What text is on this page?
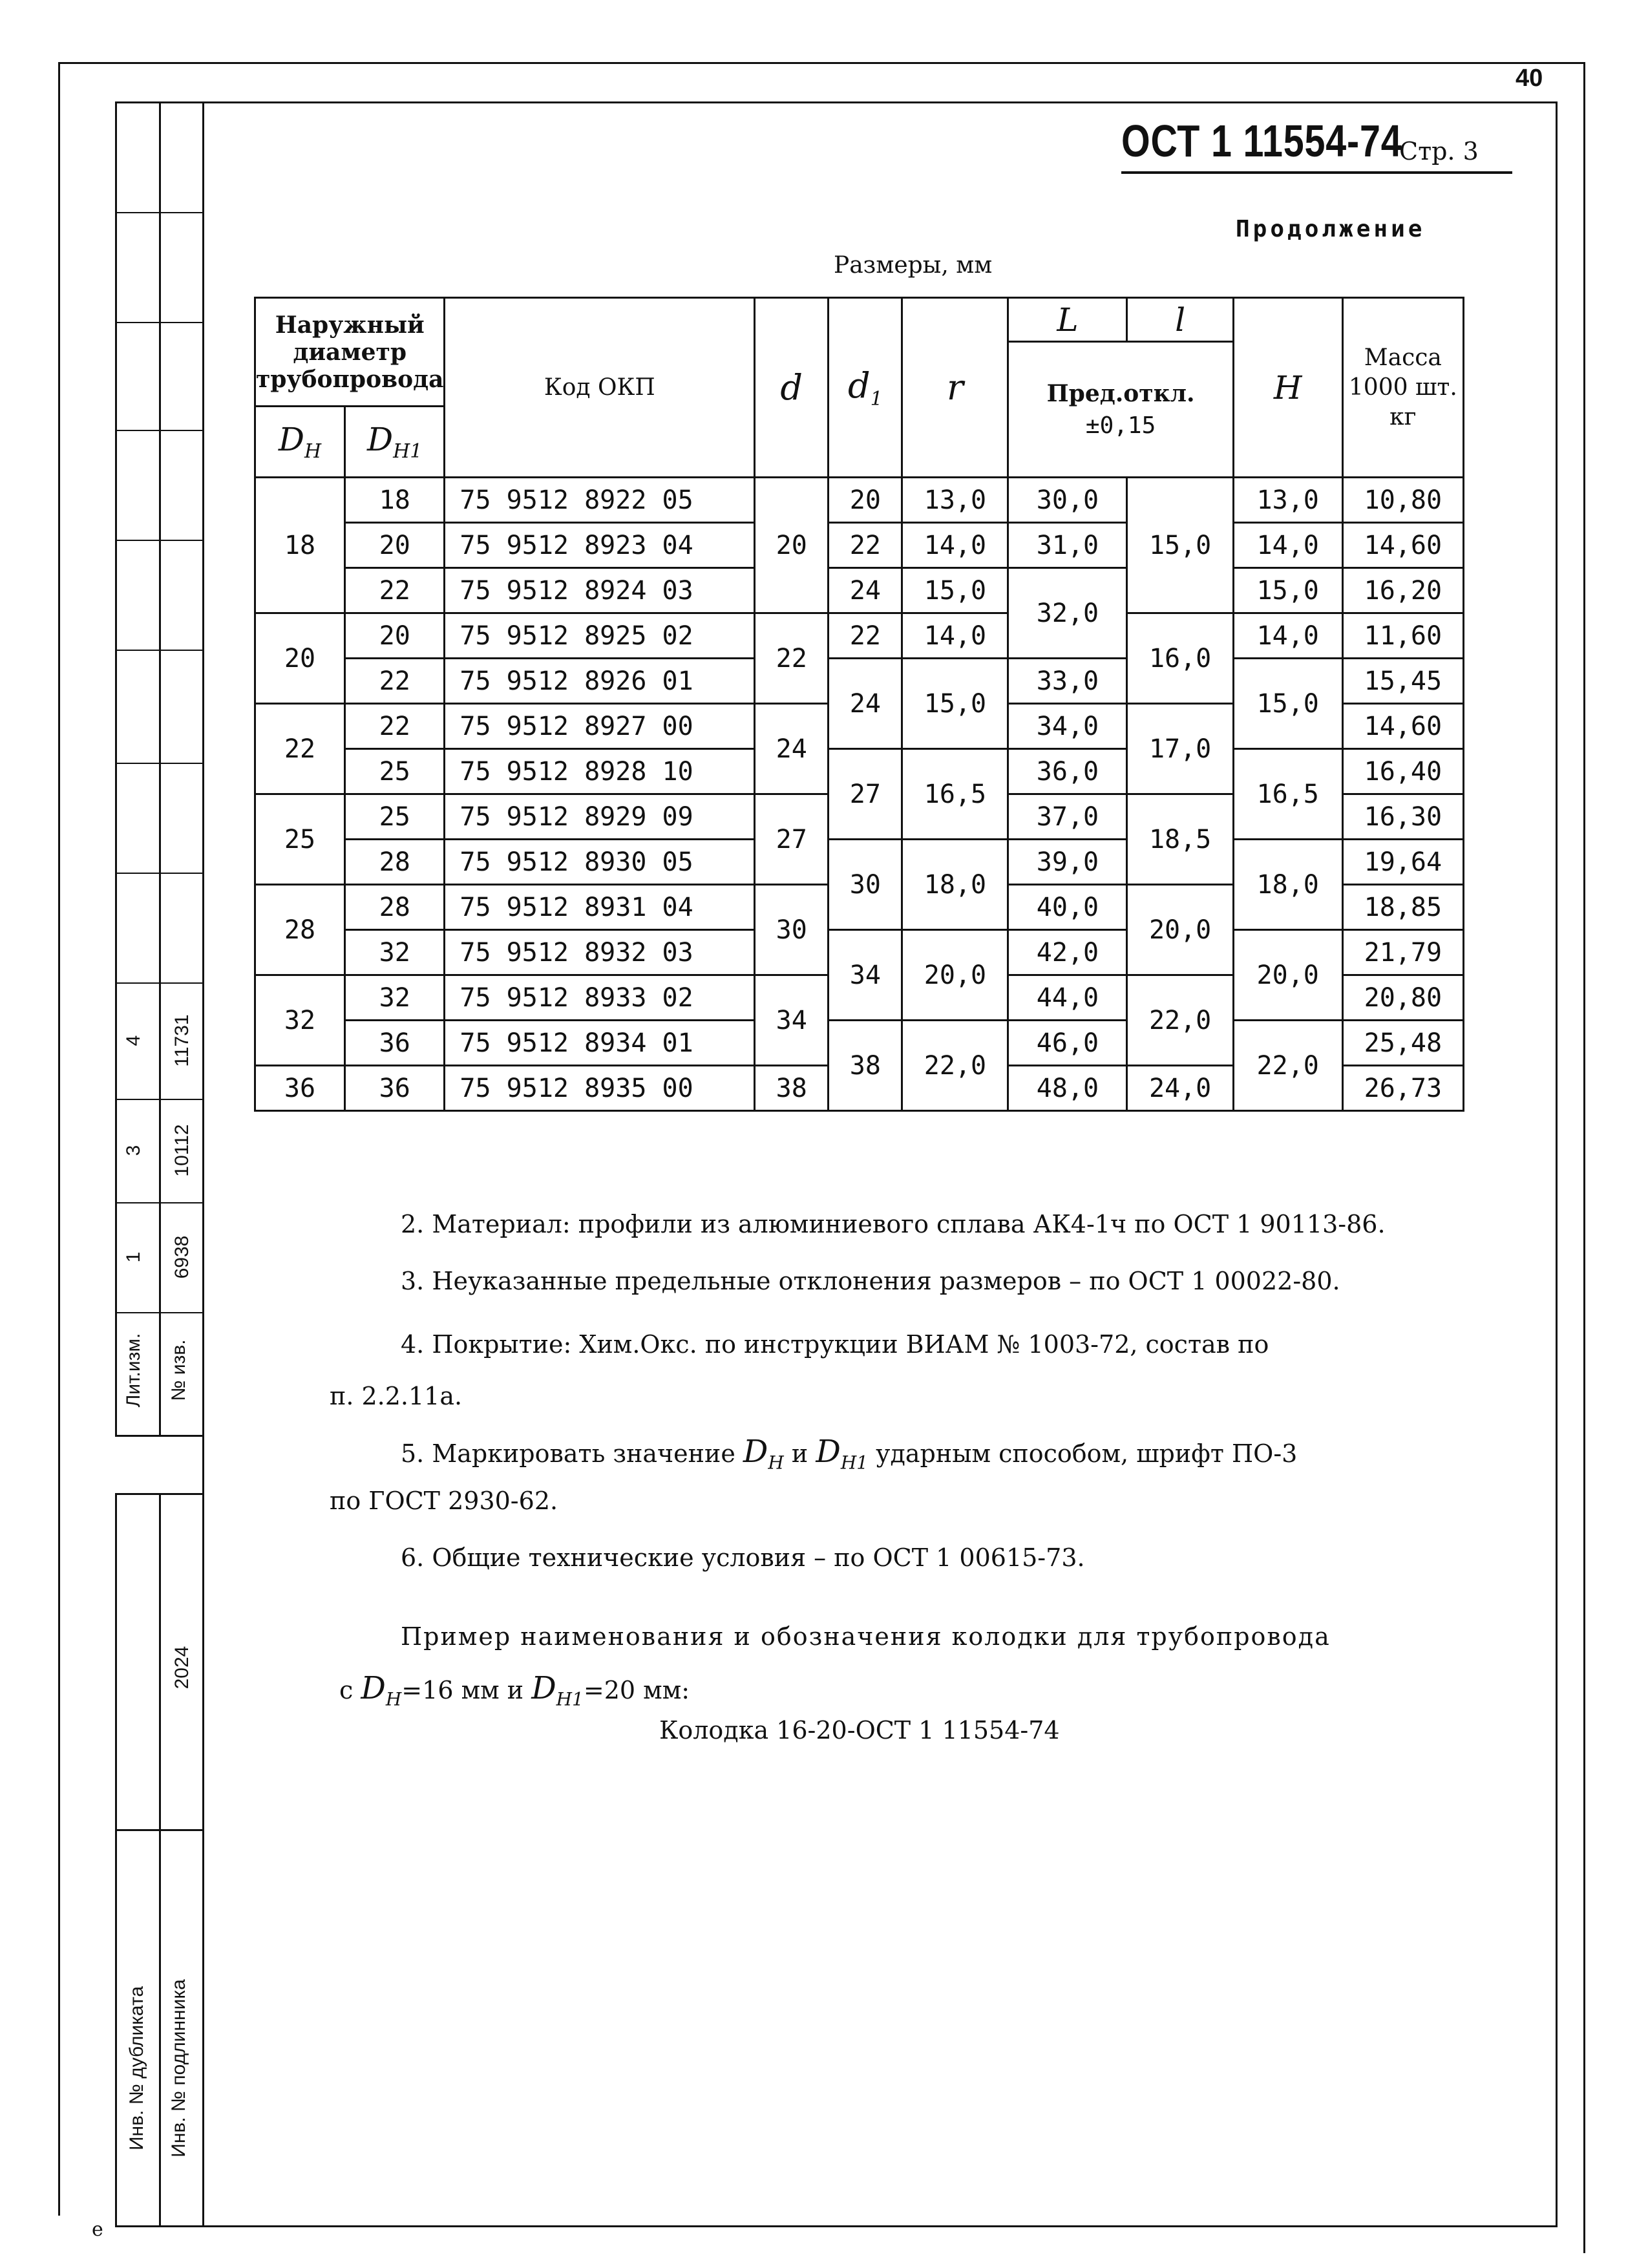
4 11731
3 10112
1 6938
Лит.изм. № изв.
2024
Инв. № дубликата Инв. № подлинника
е
40
ОСТ 1 11554-74
Стр. 3
Продолжение
Размеры, мм
Наружный диаметр трубопровода		Код ОКП	d	$d_1$	r	L	l	H	Масса 1000 шт. кг
						Пред.откл.
±0,15			
$D_H$	$D_{H1}$
18	18	75 9512 8922 05	20	20	13,0	30,0	15,0	13,0	10,80
	20	75 9512 8923 04		22	14,0	31,0		14,0	14,60
	22	75 9512 8924 03		24	15,0	32,0		15,0	16,20
20	20	75 9512 8925 02	22	22	14,0		16,0	14,0	11,60
	22	75 9512 8926 01		24	15,0	33,0		15,0	15,45
22	22	75 9512 8927 00	24			34,0	17,0		14,60
	25	75 9512 8928 10		27	16,5	36,0		16,5	16,40
25	25	75 9512 8929 09	27			37,0	18,5		16,30
	28	75 9512 8930 05		30	18,0	39,0		18,0	19,64
28	28	75 9512 8931 04	30			40,0	20,0		18,85
	32	75 9512 8932 03		34	20,0	42,0		20,0	21,79
32	32	75 9512 8933 02	34			44,0	22,0		20,80
	36	75 9512 8934 01		38	22,0	46,0		22,0	25,48
36	36	75 9512 8935 00	38			48,0	24,0		26,73
2. Материал: профили из алюминиевого сплава АК4-1ч по ОСТ 1 90113-86.
3. Неуказанные предельные отклонения размеров – по ОСТ 1 00022-80.
4. Покрытие: Хим.Окс. по инструкции ВИАМ № 1003-72, состав по
п. 2.2.11а.
5. Маркировать значение $D_H$ и $D_{H1}$ ударным способом, шрифт ПО-3
по ГОСТ 2930-62.
6. Общие технические условия – по ОСТ 1 00615-73.
Пример наименования и обозначения колодки для трубопровода
с $D_H=16$ мм и $D_{H1}=20$ мм:
Колодка 16-20-ОСТ 1 11554-74
